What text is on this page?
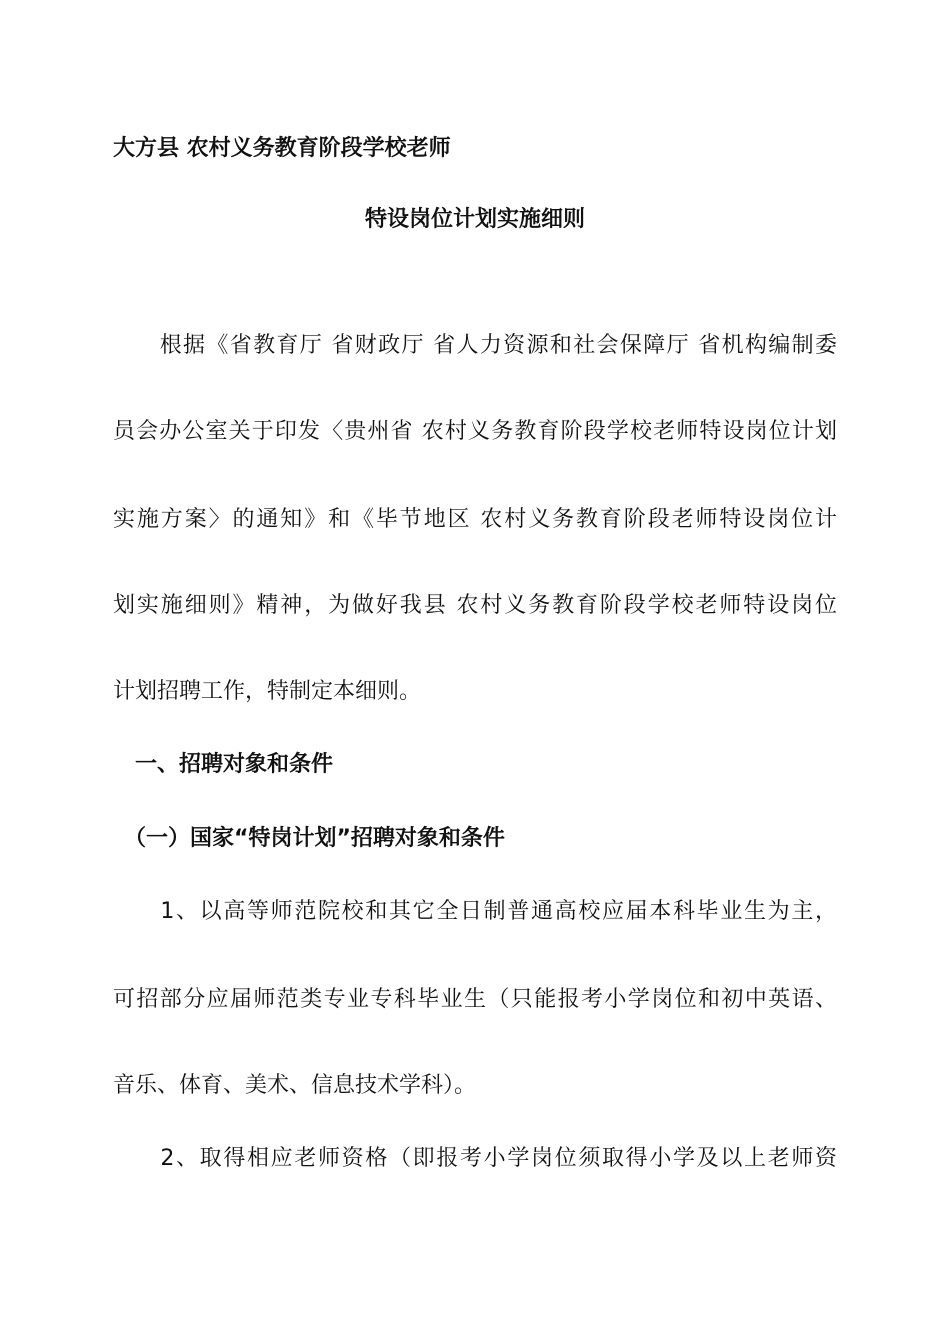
大方县 农村义务教育阶段学校老师
特设岗位计划实施细则
　　根据《省教育厅 省财政厅 省人力资源和社会保障厅 省机构编制委
员会办公室关于印发〈贵州省 农村义务教育阶段学校老师特设岗位计划
实施方案〉的通知》和《毕节地区 农村义务教育阶段老师特设岗位计
划实施细则》精神，为做好我县 农村义务教育阶段学校老师特设岗位
计划招聘工作，特制定本细则。
　一、招聘对象和条件
　（一）国家“特岗计划”招聘对象和条件
　　1、以高等师范院校和其它全日制普通高校应届本科毕业生为主，
可招部分应届师范类专业专科毕业生（只能报考小学岗位和初中英语、
音乐、体育、美术、信息技术学科）。
　　2、取得相应老师资格（即报考小学岗位须取得小学及以上老师资
